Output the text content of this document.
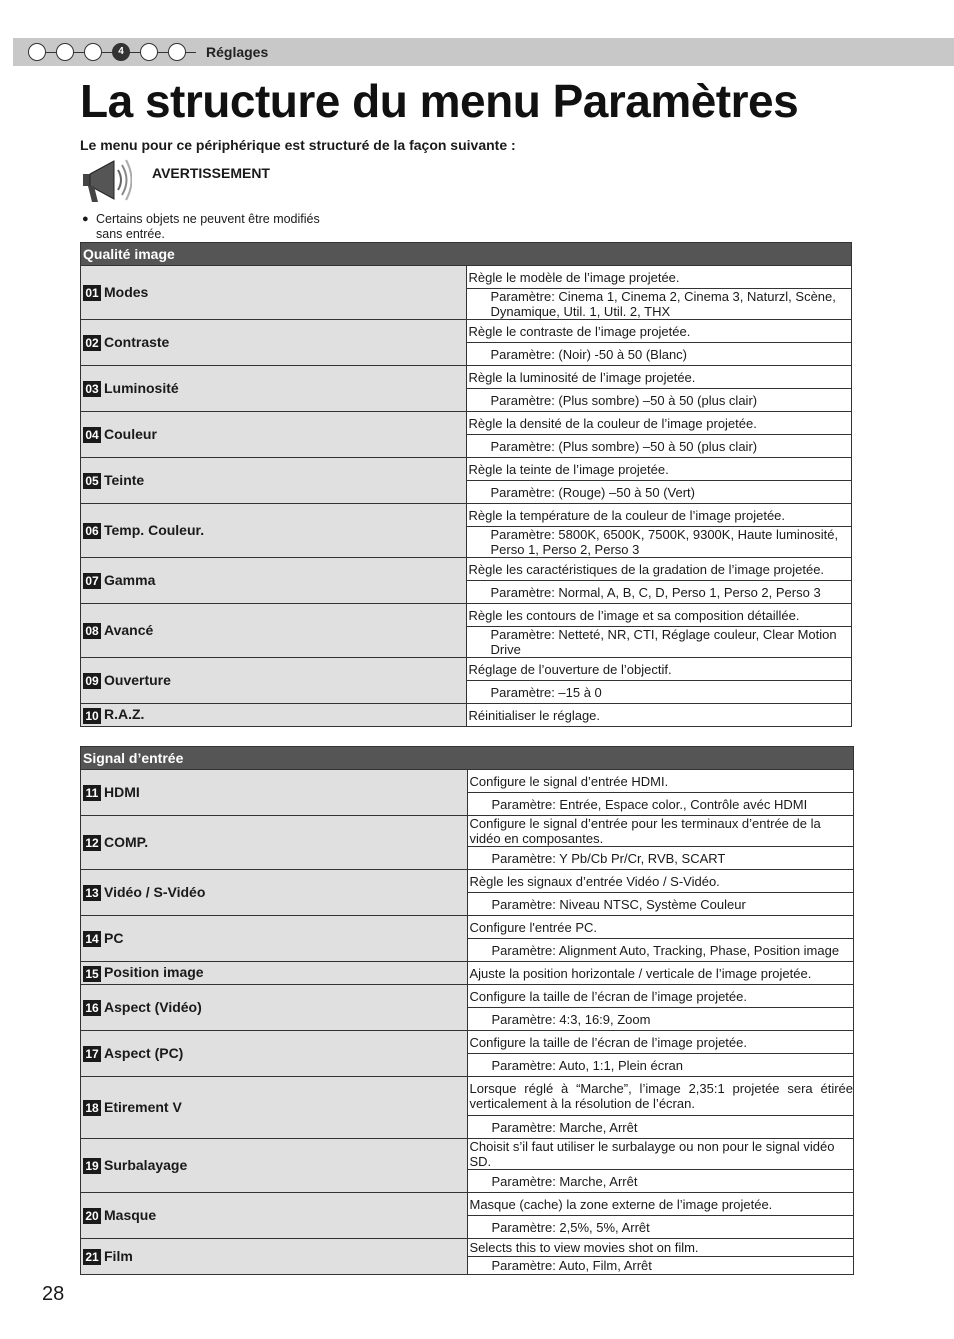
4	Réglages
La structure du menu Paramètres
Le menu pour ce périphérique est structuré de la façon suivante :
AVERTISSEMENT
● Certains objets ne peuvent être modifiés
sans entrée.
Qualité image	
01 Modes	Règle le modèle de l’image projetée.
	Paramètre: Cinema 1, Cinema 2, Cinema 3, Naturzl, Scène, Dynamique, Util. 1, Util. 2, THX
02 Contraste	Règle le contraste de l’image projetée.
	Paramètre: (Noir) -50 à 50 (Blanc)
03 Luminosité	Règle la luminosité de l’image projetée.
	Paramètre: (Plus sombre) –50 à 50 (plus clair)
04 Couleur	Règle la densité de la couleur de l’image projetée.
	Paramètre: (Plus sombre) –50 à 50 (plus clair)
05 Teinte	Règle la teinte de l’image projetée.
	Paramètre: (Rouge) –50 à 50 (Vert)
06 Temp. Couleur.	Règle la température de la couleur de l’image projetée.
	Paramètre: 5800K, 6500K, 7500K, 9300K, Haute luminosité, Perso 1, Perso 2, Perso 3
07 Gamma	Règle les caractéristiques de la gradation de l’image projetée.
	Paramètre: Normal, A, B, C, D, Perso 1, Perso 2, Perso 3
08 Avancé	Règle les contours de l’image et sa composition détaillée.
	Paramètre: Netteté, NR, CTI, Réglage couleur, Clear Motion Drive
09 Ouverture	Réglage de l’ouverture de l’objectif.
	Paramètre: –15 à 0
10 R.A.Z.	Réinitialiser le réglage.
Signal d’entrée	
11 HDMI	Configure le signal d’entrée HDMI.
	Paramètre: Entrée, Espace color., Contrôle avéc HDMI
12 COMP.	Configure le signal d’entrée pour les terminaux d’entrée de la vidéo en composantes.
	Paramètre: Y Pb/Cb Pr/Cr, RVB, SCART
13 Vidéo / S-Vidéo	Règle les signaux d’entrée Vidéo / S-Vidéo.
	Paramètre: Niveau NTSC, Système Couleur
14 PC	Configure l'entrée PC.
	Paramètre: Alignment Auto, Tracking, Phase, Position image
15 Position image	Ajuste la position horizontale / verticale de l’image projetée.
16 Aspect (Vidéo)	Configure la taille de l’écran de l’image projetée.
	Paramètre: 4:3, 16:9, Zoom
17 Aspect (PC)	Configure la taille de l’écran de l’image projetée.
	Paramètre: Auto, 1:1, Plein écran
18 Etirement V	Lorsque réglé à “Marche”, l’image 2,35:1 projetée sera étirée verticalement à la résolution de l’écran.
	Paramètre: Marche, Arrêt
19 Surbalayage	Choisit s’il faut utiliser le surbalayge ou non pour le signal vidéo SD.
	Paramètre: Marche, Arrêt
20 Masque	Masque (cache) la zone externe de l’image projetée.
	Paramètre: 2,5%, 5%, Arrêt
21 Film	Selects this to view movies shot on film.
	Paramètre: Auto, Film, Arrêt
28
